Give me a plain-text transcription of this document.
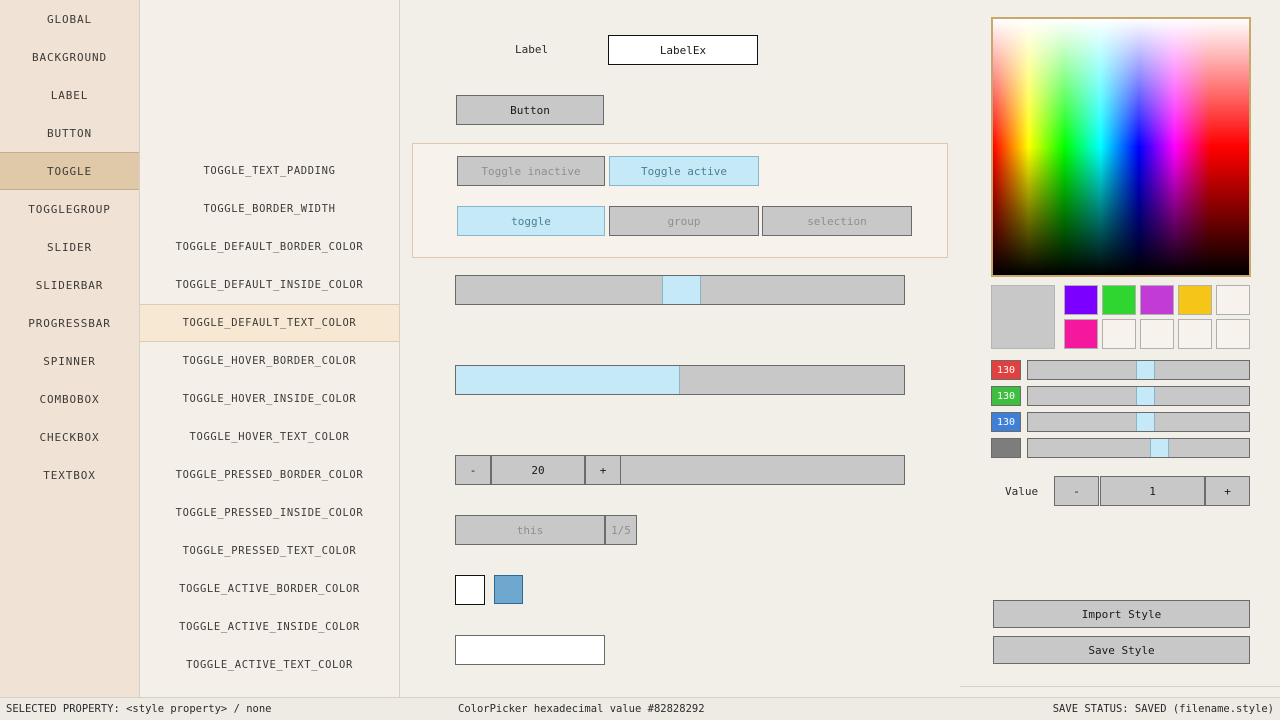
GLOBAL
BACKGROUND
LABEL
BUTTON
TOGGLE
TOGGLEGROUP
SLIDER
SLIDERBAR
PROGRESSBAR
SPINNER
COMBOBOX
CHECKBOX
TEXTBOX
TOGGLE_TEXT_PADDING
TOGGLE_BORDER_WIDTH
TOGGLE_DEFAULT_BORDER_COLOR
TOGGLE_DEFAULT_INSIDE_COLOR
TOGGLE_DEFAULT_TEXT_COLOR
TOGGLE_HOVER_BORDER_COLOR
TOGGLE_HOVER_INSIDE_COLOR
TOGGLE_HOVER_TEXT_COLOR
TOGGLE_PRESSED_BORDER_COLOR
TOGGLE_PRESSED_INSIDE_COLOR
TOGGLE_PRESSED_TEXT_COLOR
TOGGLE_ACTIVE_BORDER_COLOR
TOGGLE_ACTIVE_INSIDE_COLOR
TOGGLE_ACTIVE_TEXT_COLOR
Label	LabelEx
Button
Toggle inactive	Toggle active
toggle	group	selection
-	20	+
this	1/5
130
130
130
Value	-	1	+
Import Style
Save Style
SELECTED PROPERTY: <style property> / none	ColorPicker hexadecimal value #82828292	SAVE STATUS: SAVED (filename.style)
